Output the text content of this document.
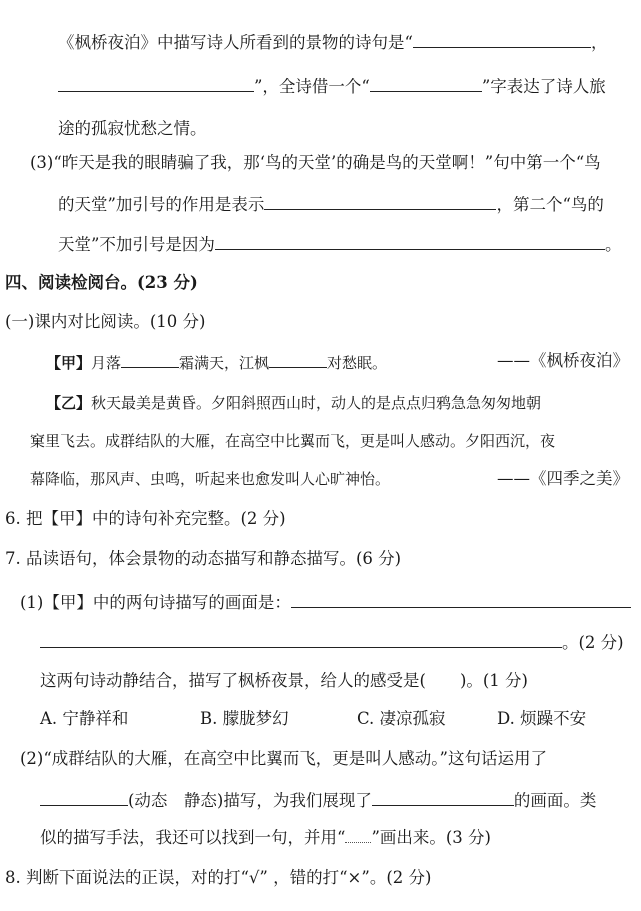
《枫桥夜泊》中描写诗人所看到的景物的诗句是“	，
”，全诗借一个“	”字表达了诗人旅
途的孤寂忧愁之情。
(3)“昨天是我的眼睛骗了我，那‘鸟的天堂’的确是鸟的天堂啊！”句中第一个“鸟
的天堂”加引号的作用是表示	，第二个“鸟的
天堂”不加引号是因为	。
四、阅读检阅台。(23 分)
(一)课内对比阅读。(10 分)
【甲】月落	霜满天，江枫	对愁眠。	——《枫桥夜泊》
【乙】秋天最美是黄昏。夕阳斜照西山时，动人的是点点归鸦急急匆匆地朝
窠里飞去。成群结队的大雁，在高空中比翼而飞，更是叫人感动。夕阳西沉，夜
幕降临，那风声、虫鸣，听起来也愈发叫人心旷神怡。	——《四季之美》
6. 把【甲】中的诗句补充完整。(2 分)
7. 品读语句，体会景物的动态描写和静态描写。(6 分)
(1)【甲】中的两句诗描写的画面是：
。(2 分)
这两句诗动静结合，描写了枫桥夜景，给人的感受是( )。(1 分)
A. 宁静祥和	B. 朦胧梦幻	C. 凄凉孤寂	D. 烦躁不安
(2)“成群结队的大雁，在高空中比翼而飞，更是叫人感动。”这句话运用了
(动态　静态)描写，为我们展现了	的画面。类
似的描写手法，我还可以找到一句，并用“ ”画出来。(3 分)
8. 判断下面说法的正误，对的打“√” ，错的打“×”。(2 分)
